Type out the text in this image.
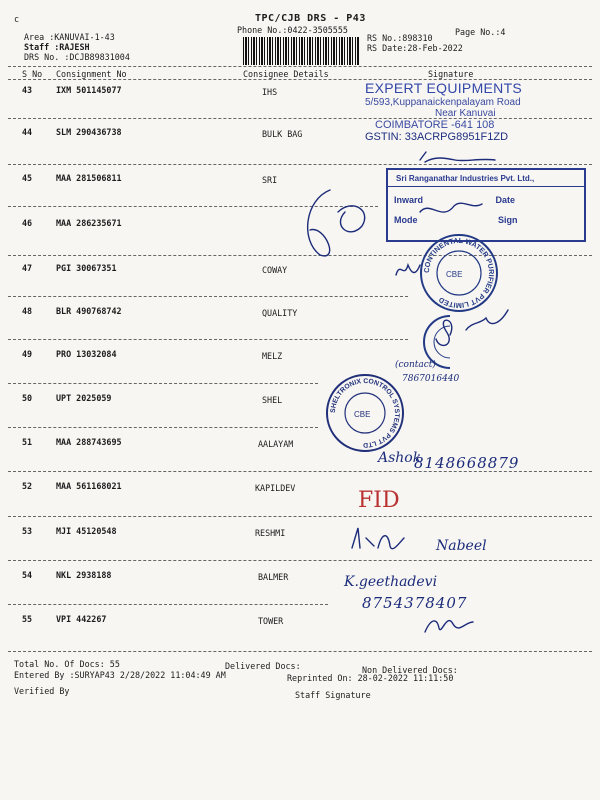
c	TPC/CJB DRS - P43
Phone No.:0422-3505555	Page No.:4
Area :KANUVAI-1-43
Staff :RAJESH
DRS No. :DCJB89831004
RS No.:898310
RS Date:28-Feb-2022
S No Consignment No	Consignee Details	Signature
43	IXM 501145077	IHS
44	SLM 290436738	BULK BAG
45	MAA 281506811	SRI
46	MAA 286235671
47	PGI 30067351	COWAY
48	BLR 490768742	QUALITY
49	PRO 13032084	MELZ
50	UPT 2025059	SHEL
51	MAA 288743695	AALAYAM
52	MAA 561168021	KAPILDEV
53	MJI 45120548	RESHMI
54	NKL 2938188	BALMER
55	VPI 442267	TOWER
EXPERT EQUIPMENTS
5/593,Kuppanaickenpalayam Road
Near Kanuvai
COIMBATORE -641 108
GSTIN: 33ACRPG8951F1ZD
Sri Ranganathar Industries Pvt. Ltd.,
Inward	Date
Mode	Sign
CONTINENTAL WATER PURIFIER PVT LIMITED
CBE
SHELTRONIX CONTROL SYSTEMS PVT LTD
CBE
(contact)
7867016440
Ashok
8148668879
FID
Nabeel
K.geethadevi
8754378407
Total No. Of Docs: 55	Delivered Docs:	Non Delivered Docs:
Entered By :SURYAP43 2/28/2022 11:04:49 AM	Reprinted On: 28-02-2022 11:11:50
Verified By	Staff Signature
